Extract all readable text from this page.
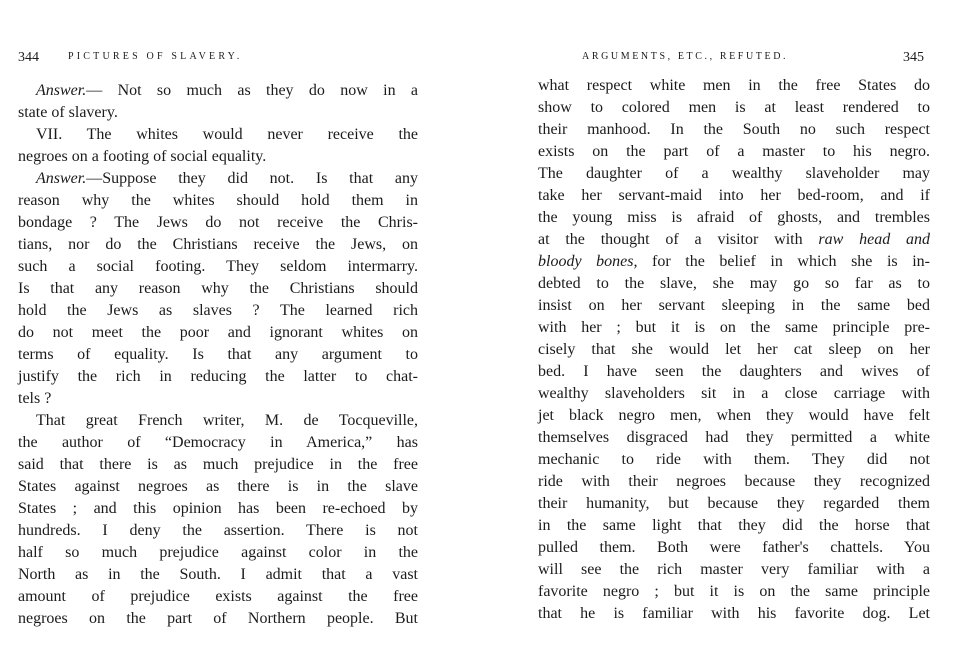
344	PICTURES OF SLAVERY.
Answer.— Not so much as they do now in a
state of slavery.
VII. The whites would never receive the
negroes on a footing of social equality.
Answer.—Suppose they did not. Is that any
reason why the whites should hold them in
bondage ? The Jews do not receive the Chris-
tians, nor do the Christians receive the Jews, on
such a social footing. They seldom intermarry.
Is that any reason why the Christians should
hold the Jews as slaves ? The learned rich
do not meet the poor and ignorant whites on
terms of equality. Is that any argument to
justify the rich in reducing the latter to chat-
tels ?
That great French writer, M. de Tocqueville,
the author of “Democracy in America,” has
said that there is as much prejudice in the free
States against negroes as there is in the slave
States ; and this opinion has been re-echoed by
hundreds. I deny the assertion. There is not
half so much prejudice against color in the
North as in the South. I admit that a vast
amount of prejudice exists against the free
negroes on the part of Northern people. But
ARGUMENTS, ETC., REFUTED.	345
what respect white men in the free States do
show to colored men is at least rendered to
their manhood. In the South no such respect
exists on the part of a master to his negro.
The daughter of a wealthy slaveholder may
take her servant-maid into her bed-room, and if
the young miss is afraid of ghosts, and trembles
at the thought of a visitor with raw head and
bloody bones, for the belief in which she is in-
debted to the slave, she may go so far as to
insist on her servant sleeping in the same bed
with her ; but it is on the same principle pre-
cisely that she would let her cat sleep on her
bed. I have seen the daughters and wives of
wealthy slaveholders sit in a close carriage with
jet black negro men, when they would have felt
themselves disgraced had they permitted a white
mechanic to ride with them. They did not
ride with their negroes because they recognized
their humanity, but because they regarded them
in the same light that they did the horse that
pulled them. Both were father's chattels. You
will see the rich master very familiar with a
favorite negro ; but it is on the same principle
that he is familiar with his favorite dog. Let
